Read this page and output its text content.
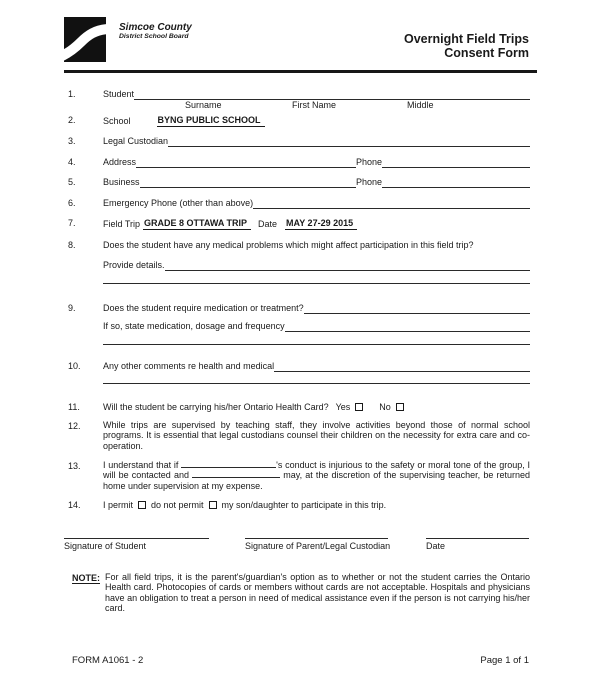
Simcoe County
District School Board	Overnight Field Trips
Consent Form
1.	Student
Surname	First Name	Middle
2.	School	BYNG PUBLIC SCHOOL
3.	Legal Custodian
4.	Address	Phone
5.	Business	Phone
6.	Emergency Phone (other than above)
7.	Field Trip GRADE 8 OTTAWA TRIP	Date MAY 27-29 2015
8.	Does the student have any medical problems which might affect participation in this field trip?
Provide details.
9.	Does the student require medication or treatment?
If so, state medication, dosage and frequency
10.	Any other comments re health and medical
11.	Will the student be carrying his/her Ontario Health Card? Yes	No
12.	While trips are supervised by teaching staff, they involve activities beyond those of normal school programs. It is essential that legal custodians counsel their children on the necessity for extra care and co-operation.
13.	I understand that if	's conduct is injurious to the safety or moral tone of the group, I will be contacted and	may, at the discretion of the supervising teacher, be returned home under supervision at my expense.
14.	I permit do not permit my son/daughter to participate in this trip.
Signature of Student	Signature of Parent/Legal Custodian	Date
NOTE: For all field trips, it is the parent's/guardian's option as to whether or not the student carries the Ontario Health card. Photocopies of cards or members without cards are not acceptable. Hospitals and physicians have an obligation to treat a person in need of medical assistance even if the person is not carrying his/her card.
FORM A1061 - 2	Page 1 of 1
